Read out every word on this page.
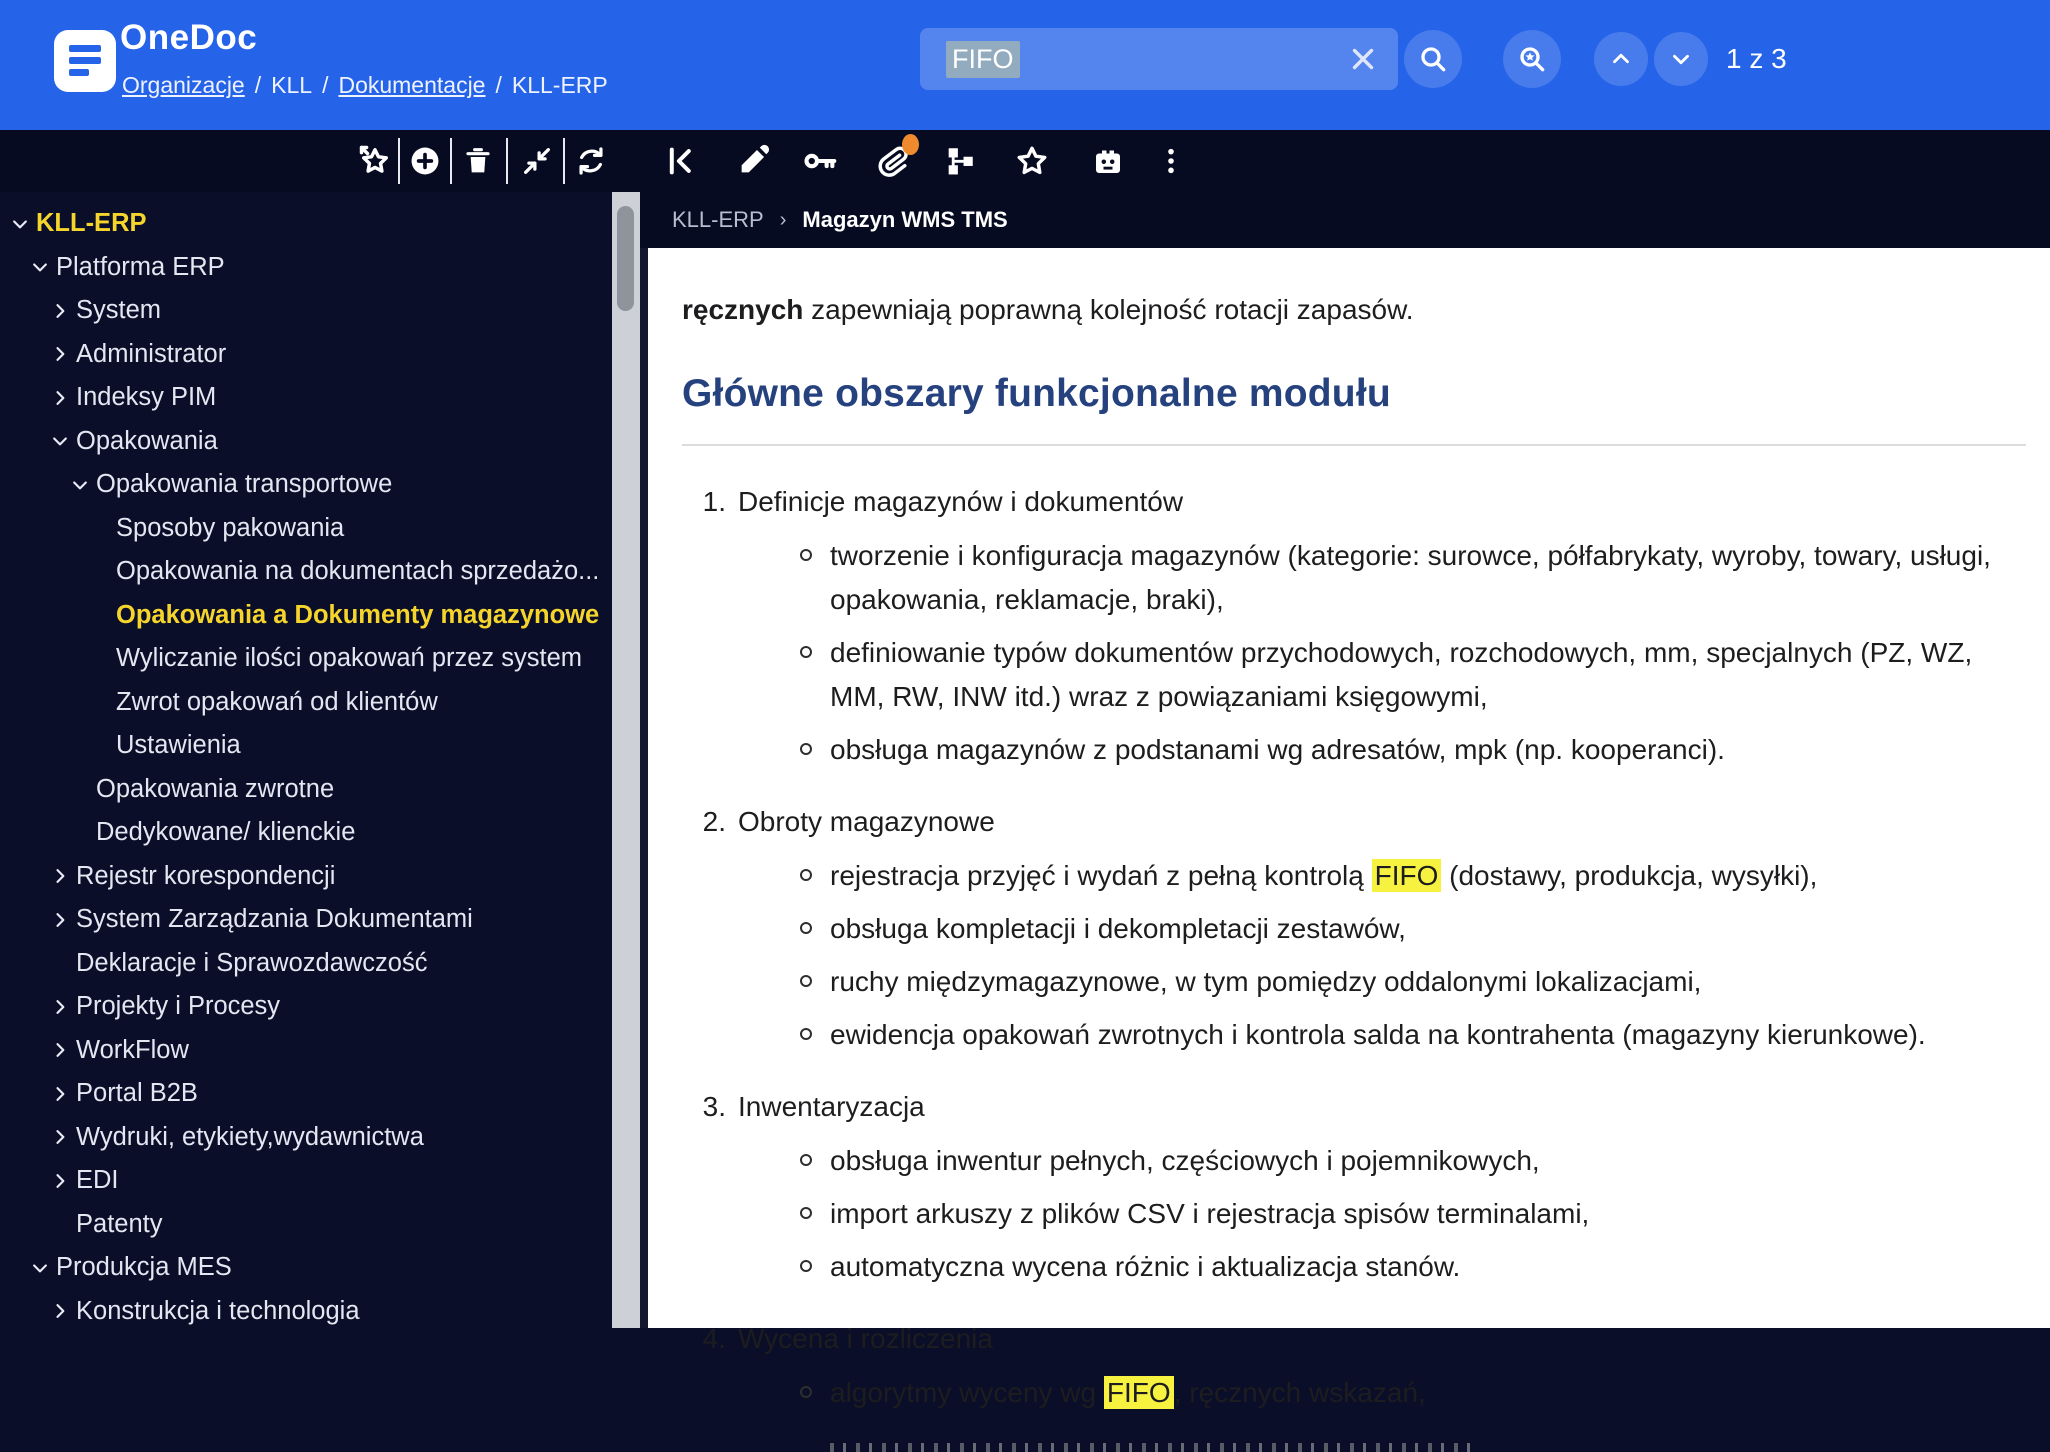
OneDoc
Organizacje / KLL / Dokumentacje / KLL-ERP
FIFO	1 z 3
KLL-ERP
Platforma ERP
System
Administrator
Indeksy PIM
Opakowania
Opakowania transportowe
Sposoby pakowania
Opakowania na dokumentach sprzedażo...
Opakowania a Dokumenty magazynowe
Wyliczanie ilości opakowań przez system
Zwrot opakowań od klientów
Ustawienia
Opakowania zwrotne
Dedykowane/ klienckie
Rejestr korespondencji
System Zarządzania Dokumentami
Deklaracje i Sprawozdawczość
Projekty i Procesy
WorkFlow
Portal B2B
Wydruki, etykiety,wydawnictwa
EDI
Patenty
Produkcja MES
Konstrukcja i technologia
KLL-ERP › Magazyn WMS TMS

ręcznych zapewniają poprawną kolejność rotacji zapasów.

Główne obszary funkcjonalne modułu
1. Definicje magazynów i dokumentów
tworzenie i konfiguracja magazynów (kategorie: surowce, półfabrykaty, wyroby, towary, usługi, opakowania, reklamacje, braki),
definiowanie typów dokumentów przychodowych, rozchodowych, mm, specjalnych (PZ, WZ, MM, RW, INW itd.) wraz z powiązaniami księgowymi,
obsługa magazynów z podstanami wg adresatów, mpk (np. kooperanci).
2. Obroty magazynowe
rejestracja przyjęć i wydań z pełną kontrolą FIFO (dostawy, produkcja, wysyłki),
obsługa kompletacji i dekompletacji zestawów,
ruchy międzymagazynowe, w tym pomiędzy oddalonymi lokalizacjami,
ewidencja opakowań zwrotnych i kontrola salda na kontrahenta (magazyny kierunkowe).
3. Inwentaryzacja
obsługa inwentur pełnych, częściowych i pojemnikowych,
import arkuszy z plików CSV i rejestracja spisów terminalami,
automatyczna wycena różnic i aktualizacja stanów.
4. Wycena i rozliczenia
algorytmy wyceny wg FIFO , ręcznych wskazań,
